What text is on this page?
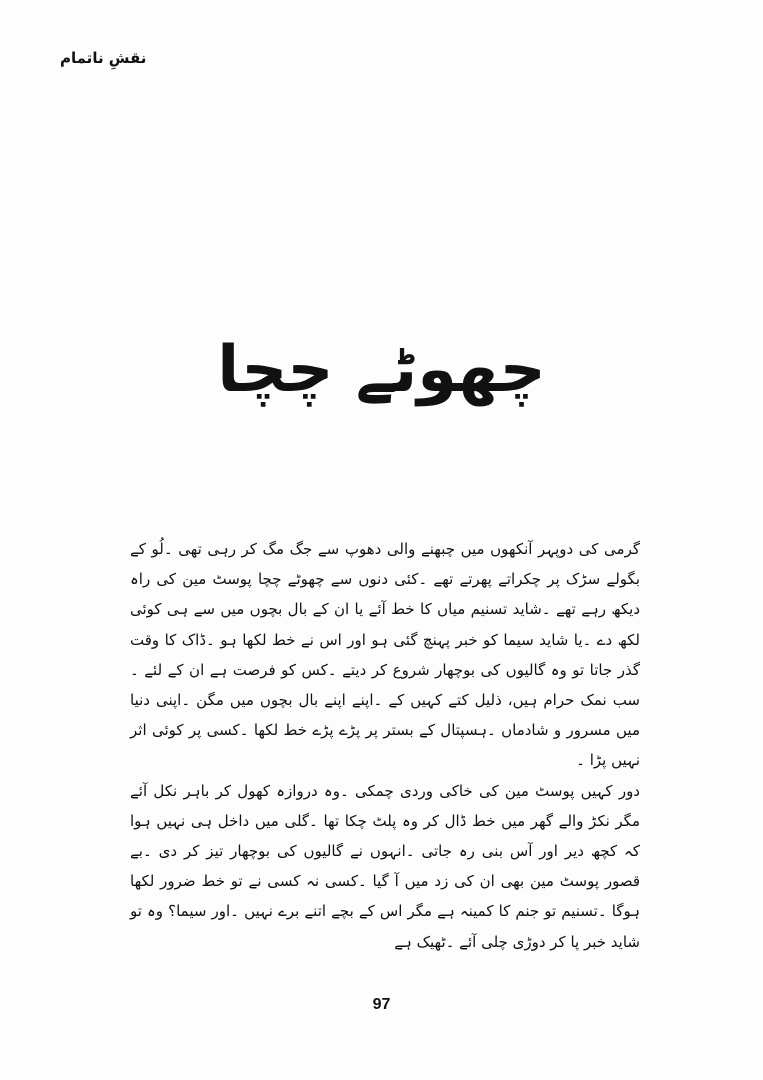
نقشِ ناتمام
چھوٹے چچا

گرمی کی دوپہر آنکھوں میں چبھنے والی دھوپ سے جگ مگ کر رہی تھی ۔لُو کے بگولے سڑک پر چکراتے پھرتے تھے ۔کئی دنوں سے چھوٹے چچا پوسٹ مین کی راہ دیکھ رہے تھے ۔شاید تسنیم میاں کا خط آئے یا ان کے بال بچوں میں سے ہی کوئی لکھ دے ۔یا شاید سیما کو خبر پہنچ گئی ہو اور اس نے خط لکھا ہو ۔ڈاک کا وقت گذر جاتا تو وہ گالیوں کی بوچھار شروع کر دیتے ۔کس کو فرصت ہے ان کے لئے ۔سب نمک حرام ہیں، ذلیل کتے کہیں کے ۔اپنے اپنے بال بچوں میں مگن ۔اپنی دنیا میں مسرور و شادماں ۔ہسپتال کے بستر پر پڑے پڑے خط لکھا ۔کسی پر کوئی اثر نہیں پڑا ۔

دور کہیں پوسٹ مین کی خاکی وردی چمکی ۔وہ دروازہ کھول کر باہر نکل آئے مگر نکڑ والے گھر میں خط ڈال کر وہ پلٹ چکا تھا ۔گلی میں داخل ہی نہیں ہوا کہ کچھ دیر اور آس بنی رہ جاتی ۔انہوں نے گالیوں کی بوچھار تیز کر دی ۔بے قصور پوسٹ مین بھی ان کی زد میں آ گیا ۔کسی نہ کسی نے تو خط ضرور لکھا ہوگا ۔تسنیم تو جنم کا کمینہ ہے مگر اس کے بچے اتنے برے نہیں ۔اور سیما؟ وہ تو شاید خبر پا کر دوڑی چلی آئے ۔ٹھیک ہے

97
